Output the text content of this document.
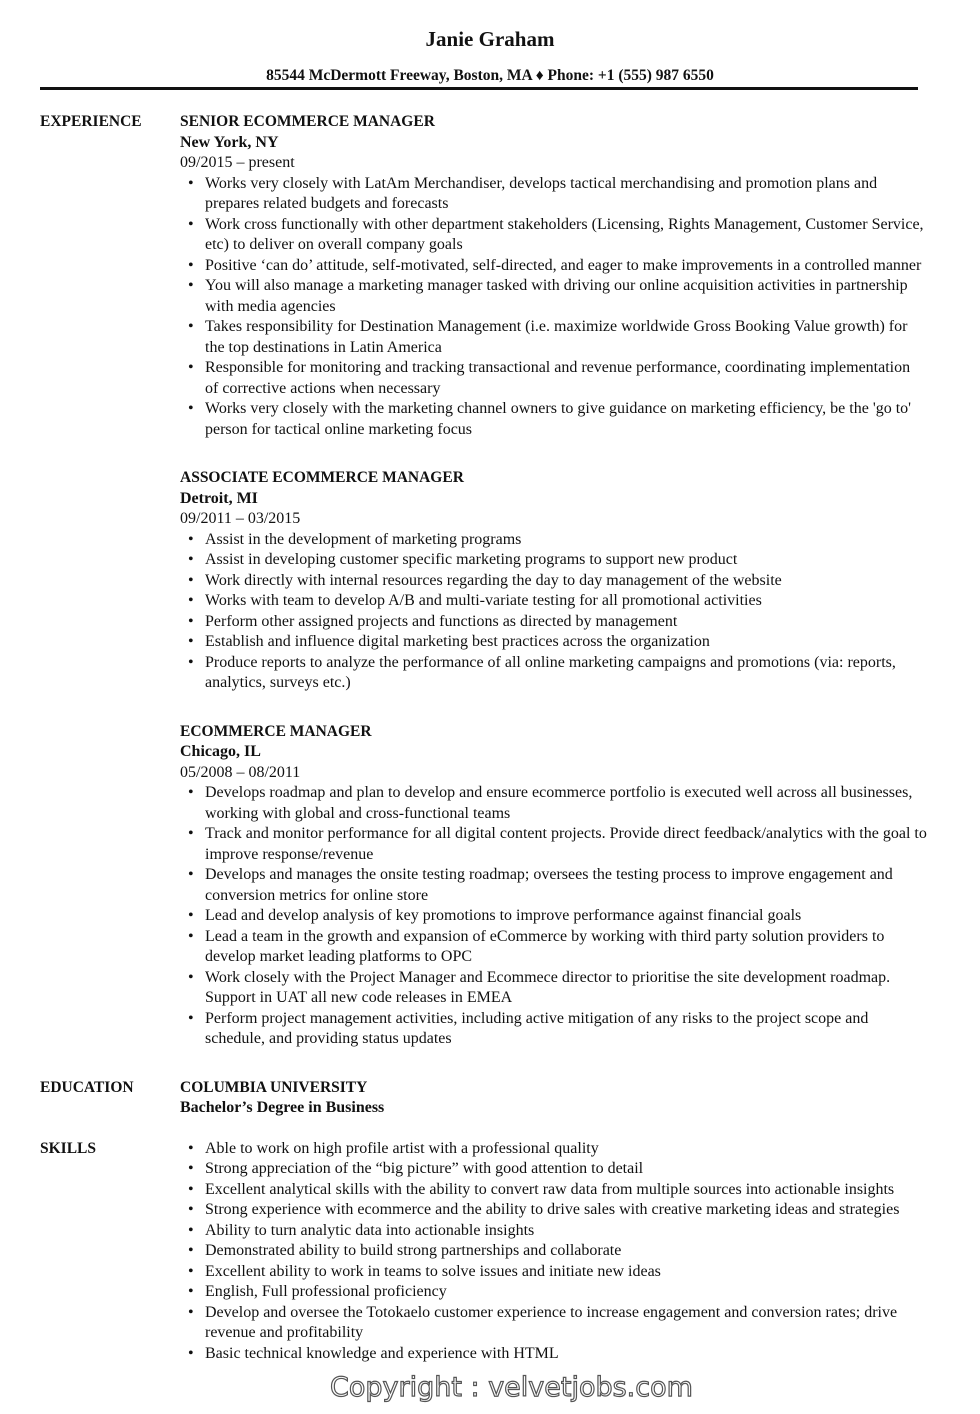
Janie Graham
85544 McDermott Freeway, Boston, MA ♦ Phone: +1 (555) 987 6550
EXPERIENCE SENIOR ECOMMERCE MANAGER
New York, NY
09/2015 – present
• Works very closely with LatAm Merchandiser, develops tactical merchandising and promotion plans and prepares related budgets and forecasts
• Work cross functionally with other department stakeholders (Licensing, Rights Management, Customer Service, etc) to deliver on overall company goals
• Positive ‘can do’ attitude, self-motivated, self-directed, and eager to make improvements in a controlled manner
• You will also manage a marketing manager tasked with driving our online acquisition activities in partnership with media agencies
• Takes responsibility for Destination Management (i.e. maximize worldwide Gross Booking Value growth) for the top destinations in Latin America
• Responsible for monitoring and tracking transactional and revenue performance, coordinating implementation of corrective actions when necessary
• Works very closely with the marketing channel owners to give guidance on marketing efficiency, be the 'go to' person for tactical online marketing focus
ASSOCIATE ECOMMERCE MANAGER
Detroit, MI
09/2011 – 03/2015
• Assist in the development of marketing programs
• Assist in developing customer specific marketing programs to support new product
• Work directly with internal resources regarding the day to day management of the website
• Works with team to develop A/B and multi-variate testing for all promotional activities
• Perform other assigned projects and functions as directed by management
• Establish and influence digital marketing best practices across the organization
• Produce reports to analyze the performance of all online marketing campaigns and promotions (via: reports, analytics, surveys etc.)
ECOMMERCE MANAGER
Chicago, IL
05/2008 – 08/2011
• Develops roadmap and plan to develop and ensure ecommerce portfolio is executed well across all businesses, working with global and cross-functional teams
• Track and monitor performance for all digital content projects. Provide direct feedback/analytics with the goal to improve response/revenue
• Develops and manages the onsite testing roadmap; oversees the testing process to improve engagement and conversion metrics for online store
• Lead and develop analysis of key promotions to improve performance against financial goals
• Lead a team in the growth and expansion of eCommerce by working with third party solution providers to develop market leading platforms to OPC
• Work closely with the Project Manager and Ecommece director to prioritise the site development roadmap. Support in UAT all new code releases in EMEA
• Perform project management activities, including active mitigation of any risks to the project scope and schedule, and providing status updates
EDUCATION	COLUMBIA UNIVERSITY
Bachelor’s Degree in Business
SKILLS	• Able to work on high profile artist with a professional quality
• Strong appreciation of the “big picture” with good attention to detail
• Excellent analytical skills with the ability to convert raw data from multiple sources into actionable insights
• Strong experience with ecommerce and the ability to drive sales with creative marketing ideas and strategies
• Ability to turn analytic data into actionable insights
• Demonstrated ability to build strong partnerships and collaborate
• Excellent ability to work in teams to solve issues and initiate new ideas
• English, Full professional proficiency
• Develop and oversee the Totokaelo customer experience to increase engagement and conversion rates; drive revenue and profitability
• Basic technical knowledge and experience with HTML
Copyright : velvetjobs.com
